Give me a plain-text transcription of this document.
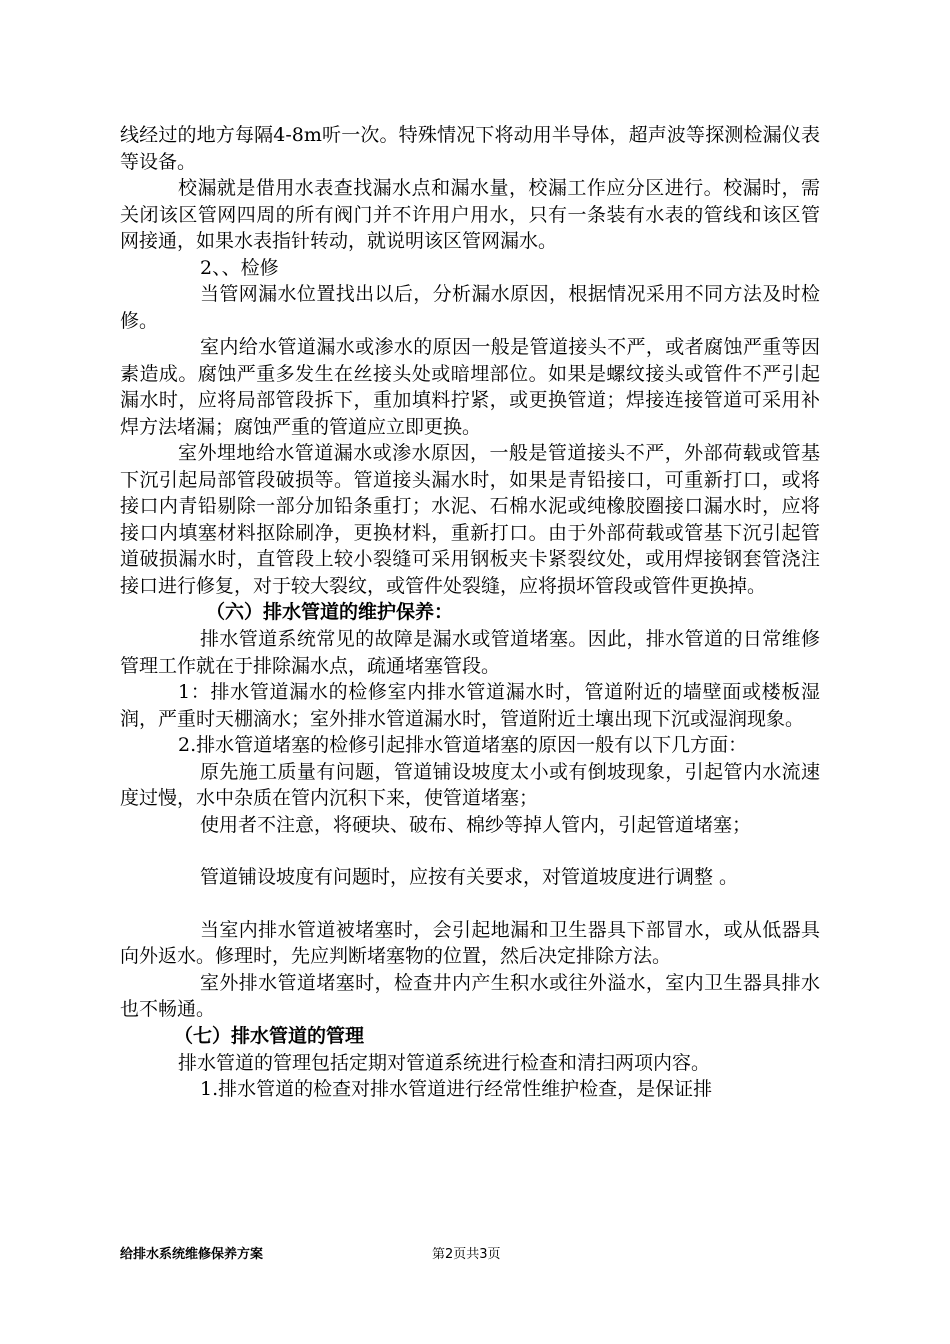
线经过的地方每隔4-8m听一次。特殊情况下将动用半导体，超声波等探测检漏仪表等设备。

校漏就是借用水表查找漏水点和漏水量，校漏工作应分区进行。校漏时，需关闭该区管网四周的所有阀门并不许用户用水，只有一条装有水表的管线和该区管网接通，如果水表指针转动，就说明该区管网漏水。

2、、检修

当管网漏水位置找出以后，分析漏水原因，根据情况采用不同方法及时检修。

室内给水管道漏水或渗水的原因一般是管道接头不严，或者腐蚀严重等因素造成。腐蚀严重多发生在丝接头处或暗埋部位。如果是螺纹接头或管件不严引起漏水时，应将局部管段拆下，重加填料拧紧，或更换管道；焊接连接管道可采用补焊方法堵漏；腐蚀严重的管道应立即更换。

室外埋地给水管道漏水或渗水原因，一般是管道接头不严，外部荷载或管基下沉引起局部管段破损等。管道接头漏水时，如果是青铅接口，可重新打口，或将接口内青铅剔除一部分加铅条重打；水泥、石棉水泥或纯橡胶圈接口漏水时，应将接口内填塞材料抠除刷净，更换材料，重新打口。由于外部荷载或管基下沉引起管道破损漏水时，直管段上较小裂缝可采用钢板夹卡紧裂纹处，或用焊接钢套管浇注接口进行修复，对于较大裂纹，或管件处裂缝，应将损坏管段或管件更换掉。

（六）排水管道的维护保养：

排水管道系统常见的故障是漏水或管道堵塞。因此，排水管道的日常维修管理工作就在于排除漏水点，疏通堵塞管段。

1：排水管道漏水的检修室内排水管道漏水时，管道附近的墙壁面或楼板湿润，严重时天棚滴水；室外排水管道漏水时，管道附近土壤出现下沉或湿润现象。

2.排水管道堵塞的检修引起排水管道堵塞的原因一般有以下几方面：

原先施工质量有问题，管道铺设坡度太小或有倒坡现象，引起管内水流速度过慢，水中杂质在管内沉积下来，使管道堵塞；

使用者不注意，将硬块、破布、棉纱等掉人管内，引起管道堵塞；

管道铺设坡度有问题时，应按有关要求，对管道坡度进行调整 。

当室内排水管道被堵塞时，会引起地漏和卫生器具下部冒水，或从低器具向外返水。修理时，先应判断堵塞物的位置，然后决定排除方法。

室外排水管道堵塞时，检查井内产生积水或往外溢水，室内卫生器具排水也不畅通。

（七）排水管道的管理

排水管道的管理包括定期对管道系统进行检查和清扫两项内容。

1.排水管道的检查对排水管道进行经常性维护检查，是保证排

给排水系统维修保养方案	第2页共3页
